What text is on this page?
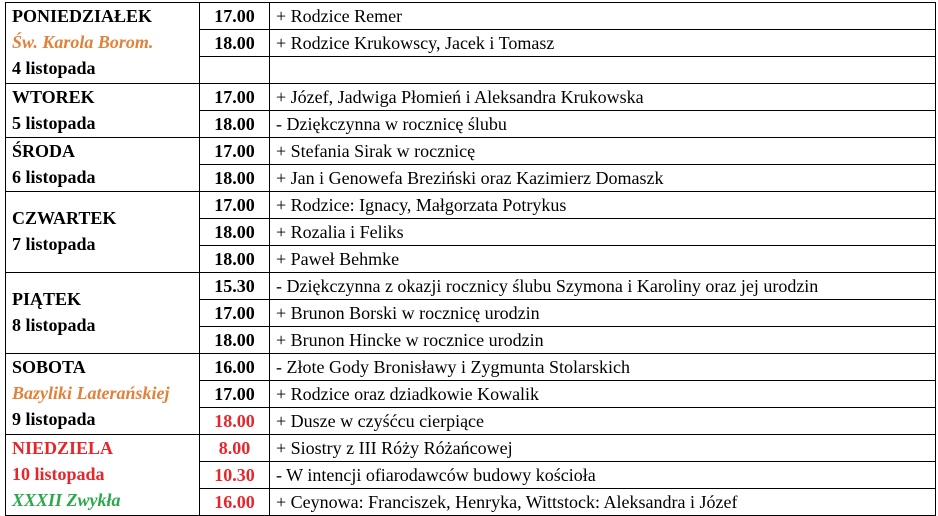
PONIEDZIAŁEK
Św. Karola Borom.
4 listopada	17.00	+ Rodzice Remer
	18.00	+ Rodzice Krukowscy, Jacek i Tomasz

WTOREK
5 listopada	17.00	+ Józef, Jadwiga Płomień i Aleksandra Krukowska
	18.00	- Dziękczynna w rocznicę ślubu

ŚRODA
6 listopada	17.00	+ Stefania Sirak w rocznicę
	18.00	+ Jan i Genowefa Breziński oraz Kazimierz Domaszk

CZWARTEK
7 listopada	17.00	+ Rodzice: Ignacy, Małgorzata Potrykus
	18.00	+ Rozalia i Feliks
	18.00	+ Paweł Behmke

PIĄTEK
8 listopada	15.30	- Dziękczynna z okazji rocznicy ślubu Szymona i Karoliny oraz jej urodzin
	17.00	+ Brunon Borski w rocznicę urodzin
	18.00	+ Brunon Hincke w rocznice urodzin

SOBOTA
Bazyliki Laterańskiej
9 listopada	16.00	- Złote Gody Bronisławy i Zygmunta Stolarskich
	17.00	+ Rodzice oraz dziadkowie Kowalik
	18.00	+ Dusze w czyśćcu cierpiące

NIEDZIELA
10 listopada
XXXII Zwykła	8.00	+ Siostry z III Róży Różańcowej
	10.30	- W intencji ofiarodawców budowy kościoła
	16.00	+ Ceynowa: Franciszek, Henryka, Wittstock: Aleksandra i Józef
